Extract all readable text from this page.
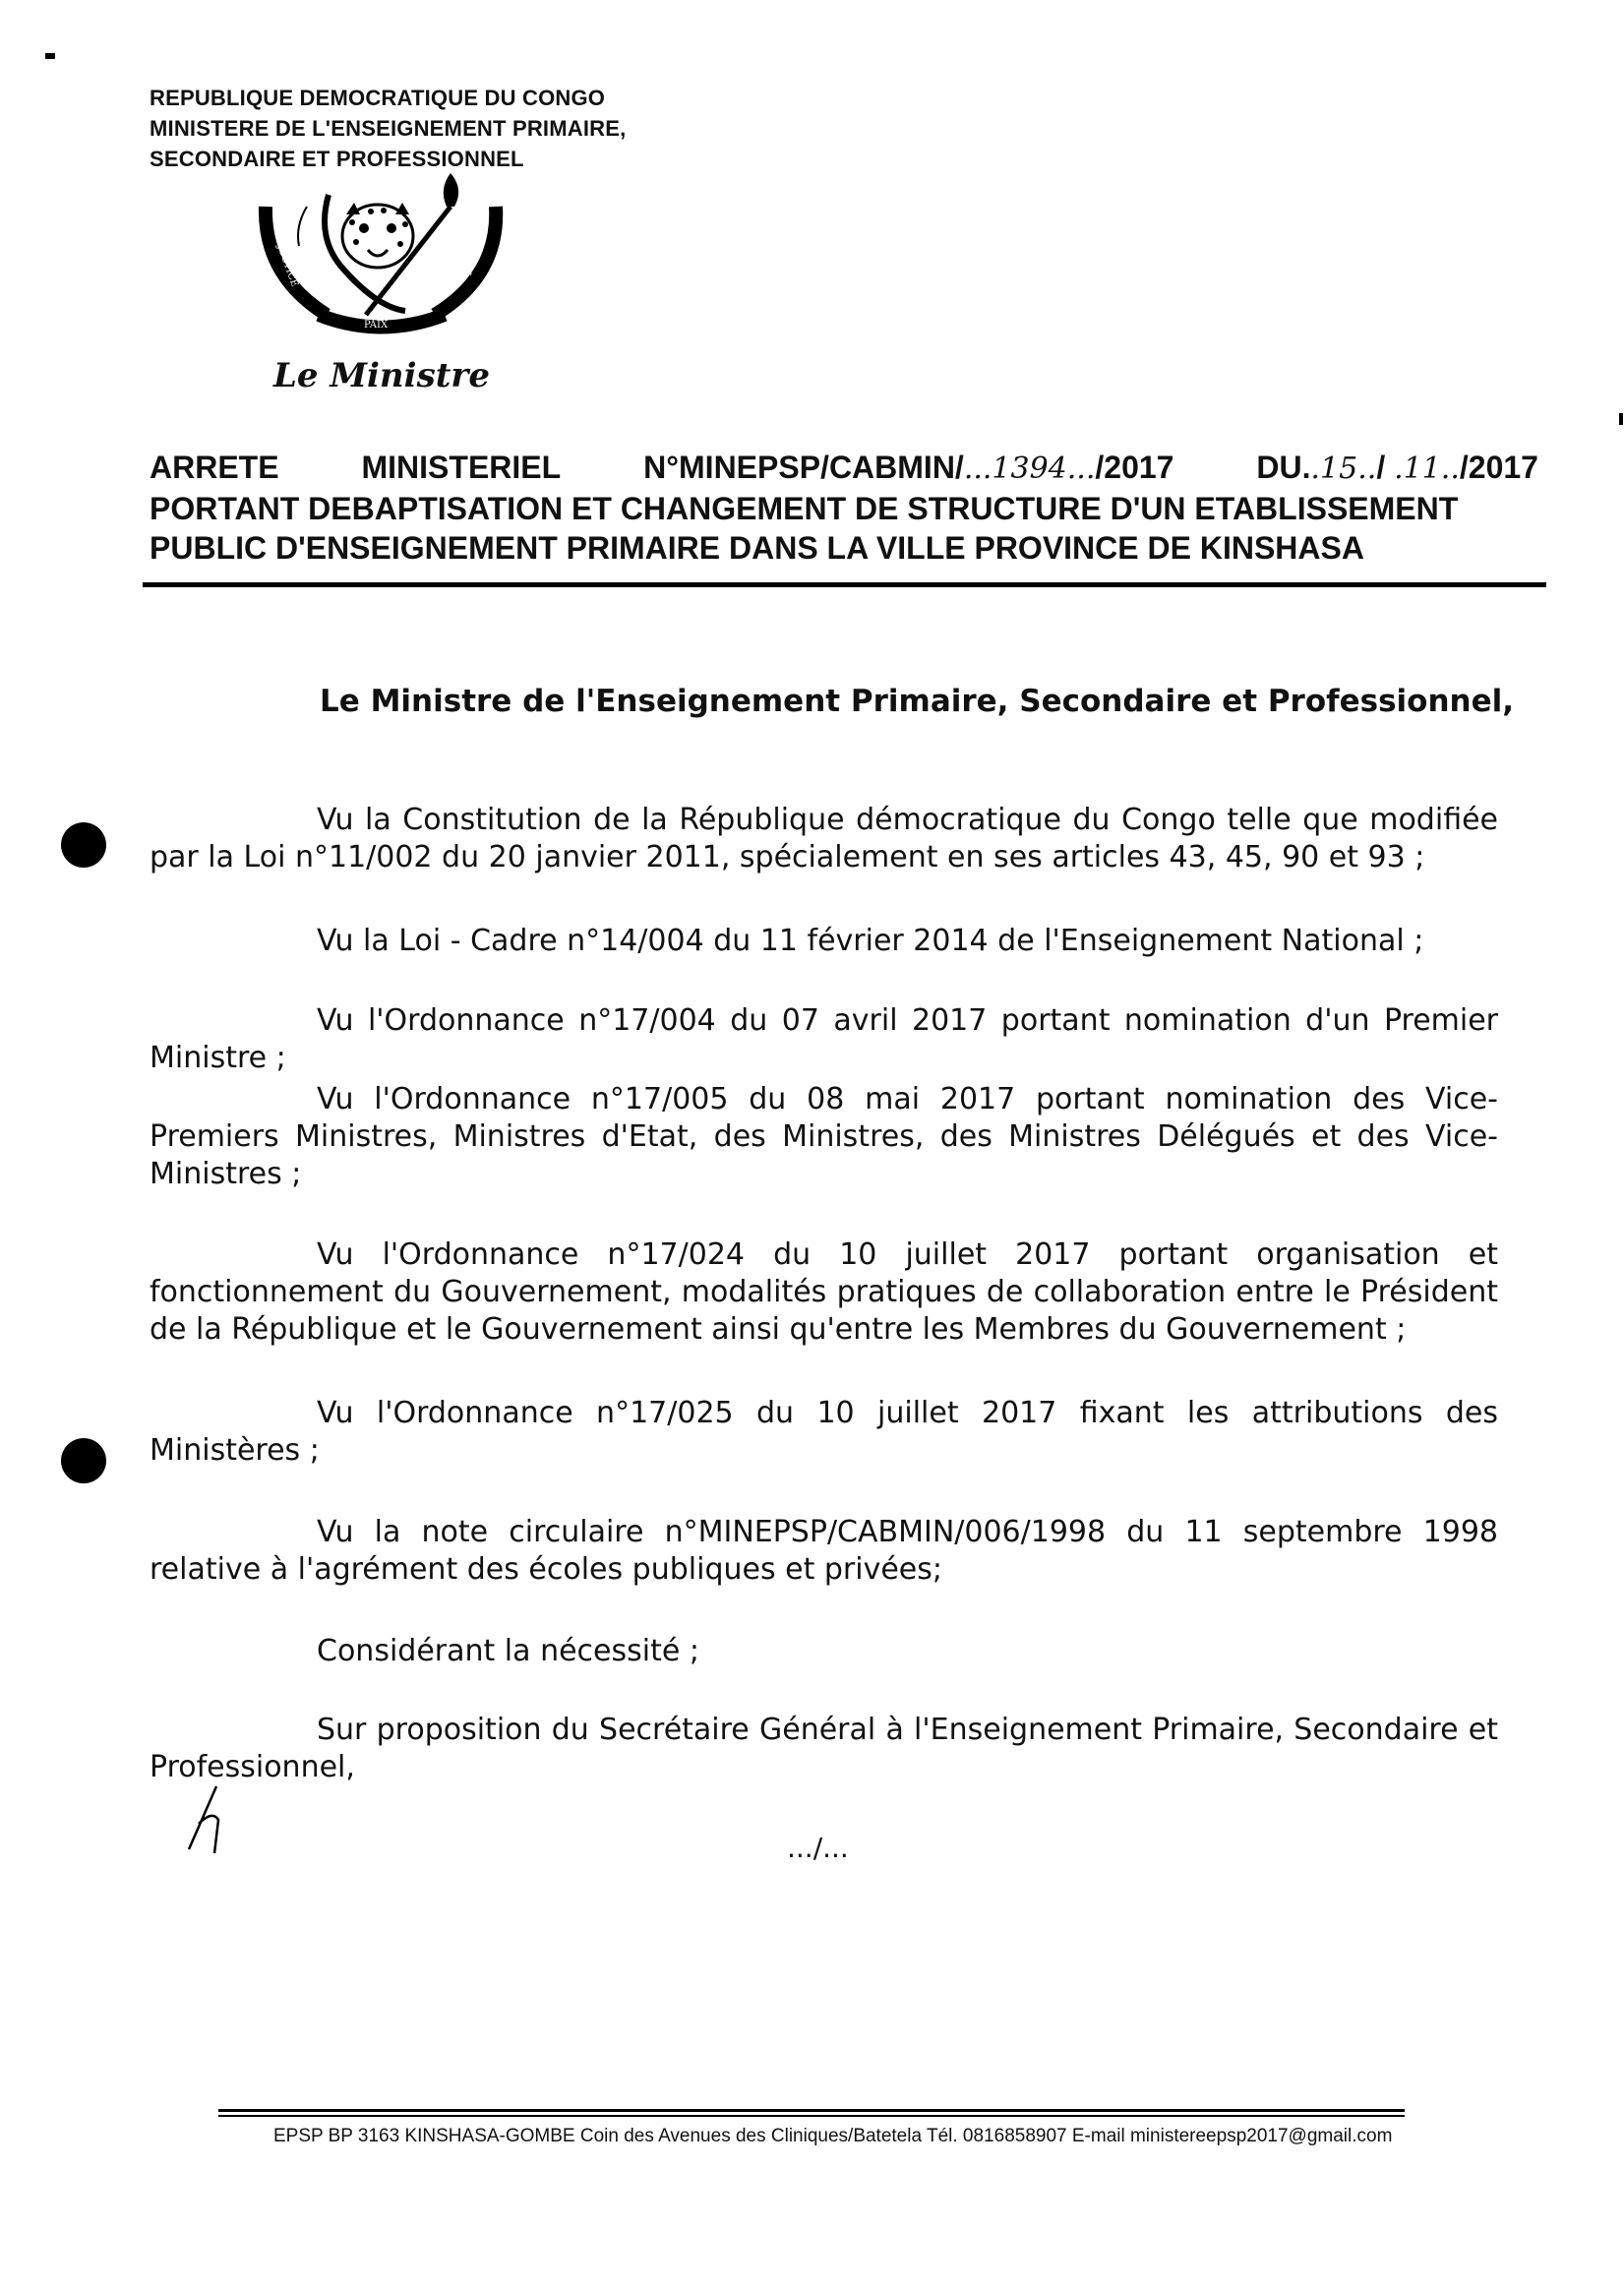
REPUBLIQUE DEMOCRATIQUE DU CONGO
MINISTERE DE L'ENSEIGNEMENT PRIMAIRE,
SECONDAIRE ET PROFESSIONNEL
JUSTICE
PAIX
TRAVAIL
Le Ministre
ARRETE	MINISTERIEL	N°MINEPSP/CABMIN/...1394.../2017	DU..15../ .11../2017
PORTANT DEBAPTISATION ET CHANGEMENT DE STRUCTURE D'UN ETABLISSEMENT
PUBLIC D'ENSEIGNEMENT PRIMAIRE DANS LA VILLE PROVINCE DE KINSHASA
Le Ministre de l'Enseignement Primaire, Secondaire et Professionnel,
Vu la Constitution de la République démocratique du Congo telle que modifiée par la Loi n°11/002 du 20 janvier 2011, spécialement en ses articles 43, 45, 90 et 93 ;
Vu la Loi - Cadre n°14/004 du 11 février 2014 de l'Enseignement National ;
Vu l'Ordonnance n°17/004 du 07 avril 2017 portant nomination d'un Premier Ministre ;
Vu l'Ordonnance n°17/005 du 08 mai 2017 portant nomination des Vice-Premiers Ministres, Ministres d'Etat, des Ministres, des Ministres Délégués et des Vice-Ministres ;
Vu l'Ordonnance n°17/024 du 10 juillet 2017 portant organisation et fonctionnement du Gouvernement, modalités pratiques de collaboration entre le Président de la République et le Gouvernement ainsi qu'entre les Membres du Gouvernement ;
Vu l'Ordonnance n°17/025 du 10 juillet 2017 fixant les attributions des Ministères ;
Vu la note circulaire n°MINEPSP/CABMIN/006/1998 du 11 septembre 1998 relative à l'agrément des écoles publiques et privées;
Considérant la nécessité ;
Sur proposition du Secrétaire Général à l'Enseignement Primaire, Secondaire et Professionnel,
.../...
EPSP BP 3163 KINSHASA-GOMBE Coin des Avenues des Cliniques/Batetela Tél. 0816858907 E-mail ministereepsp2017@gmail.com
